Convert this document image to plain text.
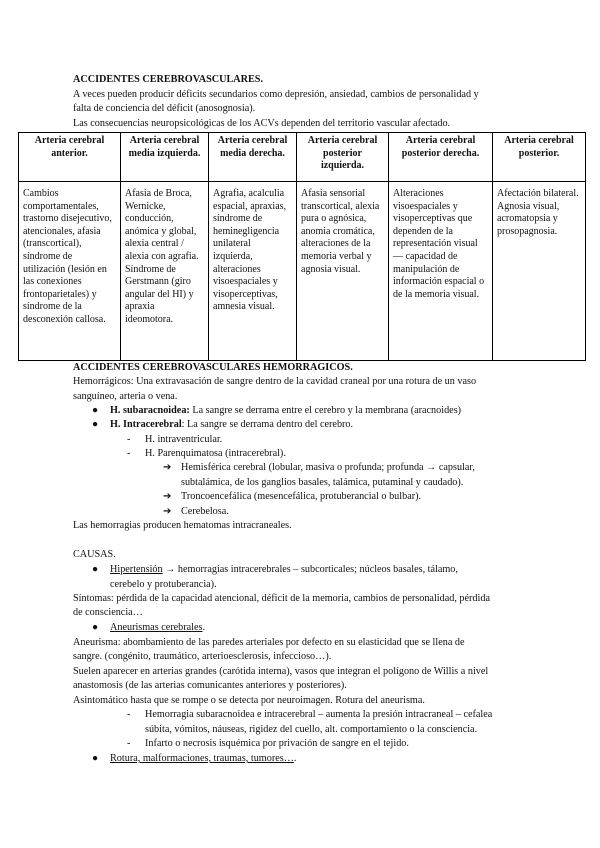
ACCIDENTES CEREBROVASCULARES.
A veces pueden producir déficits secundarios como depresión, ansiedad, cambios de personalidad y
falta de conciencia del déficit (anosognosia).
Las consecuencias neuropsicológicas de los ACVs dependen del territorio vascular afectado.
Arteria cerebral anterior.	Arteria cerebral media izquierda.	Arteria cerebral media derecha.	Arteria cerebral posterior izquierda.	Arteria cerebral posterior derecha.	Arteria cerebral posterior.
Cambios comportamentales, trastorno disejecutivo, atencionales, afasia (transcortical), síndrome de utilización (lesión en las conexiones frontoparietales) y síndrome de la desconexión callosa.	Afasia de Broca, Wernicke, conducción, anómica y global, alexia central / alexia con agrafia. Síndrome de Gerstmann (giro angular del HI) y apraxia ideomotora.	Agrafia, acalculia espacial, apraxias, síndrome de heminegligencia unilateral izquierda, alteraciones visoespaciales y visoperceptivas, amnesia visual.	Afasia sensorial transcortical, alexia pura o agnósica, anomia cromática, alteraciones de la memoria verbal y agnosia visual.	Alteraciones visoespaciales y visoperceptivas que dependen de la representación visual — capacidad de manipulación de información espacial o de la memoria visual.	Afectación bilateral. Agnosia visual, acromatopsia y prosopagnosia.
ACCIDENTES CEREBROVASCULARES HEMORRAGICOS.
Hemorrágicos: Una extravasación de sangre dentro de la cavidad craneal por una rotura de un vaso
sanguíneo, arteria o vena.
● H. subaracnoidea: La sangre se derrama entre el cerebro y la membrana (aracnoides)
● H. Intracerebral: La sangre se derrama dentro del cerebro.
- H. intraventricular.
- H. Parenquimatosa (intracerebral).
➔ Hemisférica cerebral (lobular, masiva o profunda; profunda → capsular,
subtalámica, de los ganglios basales, talámica, putaminal y caudado).
➔ Troncoencefálica (mesencefálica, protuberancial o bulbar).
➔ Cerebelosa.
Las hemorragias producen hematomas intracraneales.
CAUSAS.
● Hipertensión → hemorragias intracerebrales – subcorticales; núcleos basales, tálamo,
cerebelo y protuberancia).
Síntomas: pérdida de la capacidad atencional, déficit de la memoria, cambios de personalidad, pérdida
de consciencia…
● Aneurismas cerebrales.
Aneurisma: abombamiento de las paredes arteriales por defecto en su elasticidad que se llena de
sangre. (congénito, traumático, arterioesclerosis, infeccioso…).
Suelen aparecer en arterias grandes (carótida interna), vasos que integran el polígono de Willis a nivel
anastomosis (de las arterias comunicantes anteriores y posteriores).
Asintomático hasta que se rompe o se detecta por neuroimagen. Rotura del aneurisma.
- Hemorragia subaracnoidea e intracerebral – aumenta la presión intracraneal – cefalea
súbita, vómitos, náuseas, rigidez del cuello, alt. comportamiento o la consciencia.
- Infarto o necrosis isquémica por privación de sangre en el tejido.
● Rotura, malformaciones, traumas, tumores….
